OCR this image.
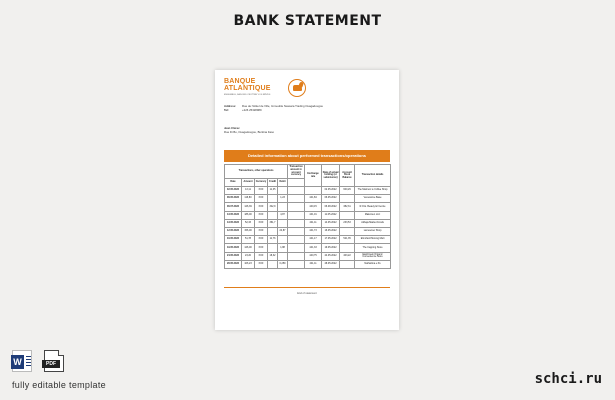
BANK STATEMENT
BANQUE
ATLANTIQUE
ENSEMBLE, FAISONS CROÎTRE VOS RÊVES
Address: Rue de l'Hôtel de Ville, Immeuble Nassara Trading Ouagadougou
Tel:	+226 25328989
Jean Clérec
Rue Di Bo, Ouagadougou, Burkina Faso
Detailed information about performed transactions/operations
Transactions, other operations					Transaction amount in account currency	Exchange rate	Date of actual holding (or submission)	Account Book Balance	Transaction details
Date	Amount	Currency	Credit	Debit					
02.05.2022	13,11	XOF	11,35				02.05.2022	600,29	The Matmon le Coffee Shop
06.05.2022	116,80	XOF		1,23		441,84	06.05.2022		Venessime Base
06.07.2022	126,39	XOF	342,9			440,15	06.08.2022	382,31	R.O.E. Beauty El Centre
13.05.2022	186,00	XOF		4,87		441,01	11.05.2022		Makoinen LLC
13.05.2022	52,33	XOF	361,7			441,11	14.05.2022	233,53	Atibaja Market Foods
12.05.2022	156,00	XOF		24,87		441,73	16.05.2022		Lamoemer Shop
16.05.2022	51,78	XOF	11,76			441,17	17.05.2022	521,35	Elmofield Moving Mart
19.05.2022	126,00	XOF		1,88		441,33	19.05.2022		The Capping Store
24.05.2022	23,20	XOF	18,32			440,75	24.05.2022	403,22	EastCreek Organic Convenience Store
28.05.2022	106,23	XOF		0,259		441,11	28.05.2022		Nathalima e.Pe
End of statement
W	PDF
fully editable template	schci.ru
